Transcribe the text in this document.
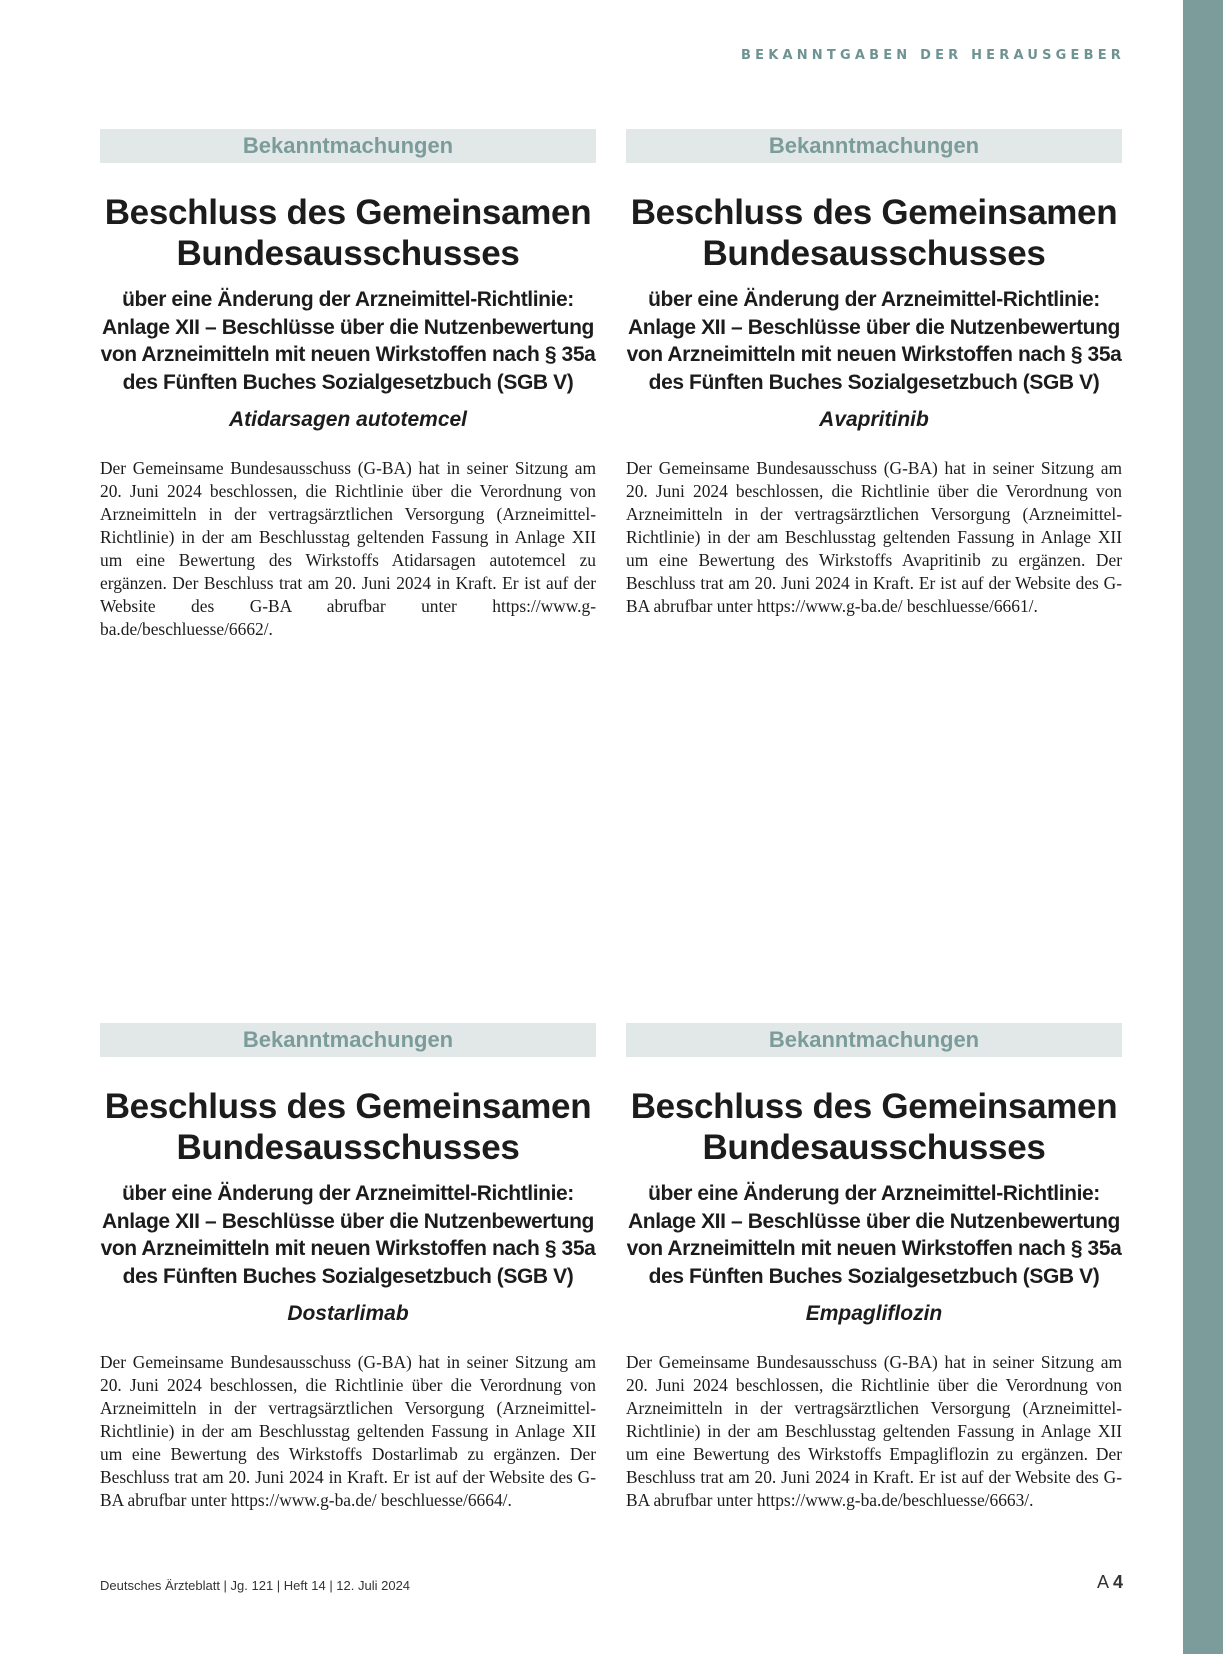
BEKANNTGABEN DER HERAUSGEBER
Bekanntmachungen
Beschluss des Gemeinsamen Bundesausschusses
über eine Änderung der Arzneimittel-Richtlinie: Anlage XII – Beschlüsse über die Nutzenbewertung von Arzneimitteln mit neuen Wirkstoffen nach § 35a des Fünften Buches Sozialgesetzbuch (SGB V)
Atidarsagen autotemcel

Der Gemeinsame Bundesausschuss (G-BA) hat in seiner Sitzung am 20. Juni 2024 beschlossen, die Richtlinie über die Verordnung von Arzneimitteln in der vertragsärztlichen Versorgung (Arzneimittel-Richtlinie) in der am Beschlusstag geltenden Fassung in Anlage XII um eine Bewertung des Wirkstoffs Atidarsagen autotemcel zu ergänzen. Der Beschluss trat am 20. Juni 2024 in Kraft. Er ist auf der Website des G-BA abrufbar unter https://www.g-ba.de/beschluesse/6662/.

Bekanntmachungen
Beschluss des Gemeinsamen Bundesausschusses
über eine Änderung der Arzneimittel-Richtlinie: Anlage XII – Beschlüsse über die Nutzenbewertung von Arzneimitteln mit neuen Wirkstoffen nach § 35a des Fünften Buches Sozialgesetzbuch (SGB V)
Avapritinib

Der Gemeinsame Bundesausschuss (G-BA) hat in seiner Sitzung am 20. Juni 2024 beschlossen, die Richtlinie über die Verordnung von Arzneimitteln in der vertragsärztlichen Versorgung (Arzneimittel-Richtlinie) in der am Beschlusstag geltenden Fassung in Anlage XII um eine Bewertung des Wirkstoffs Avapritinib zu ergänzen. Der Beschluss trat am 20. Juni 2024 in Kraft. Er ist auf der Website des G-BA abrufbar unter https://www.g-ba.de/ beschluesse/6661/.

Bekanntmachungen
Beschluss des Gemeinsamen Bundesausschusses
über eine Änderung der Arzneimittel-Richtlinie: Anlage XII – Beschlüsse über die Nutzenbewertung von Arzneimitteln mit neuen Wirkstoffen nach § 35a des Fünften Buches Sozialgesetzbuch (SGB V)
Dostarlimab

Der Gemeinsame Bundesausschuss (G-BA) hat in seiner Sitzung am 20. Juni 2024 beschlossen, die Richtlinie über die Verordnung von Arzneimitteln in der vertragsärztlichen Versorgung (Arzneimittel-Richtlinie) in der am Beschlusstag geltenden Fassung in Anlage XII um eine Bewertung des Wirkstoffs Dostarlimab zu ergänzen. Der Beschluss trat am 20. Juni 2024 in Kraft. Er ist auf der Website des G-BA abrufbar unter https://www.g-ba.de/ beschluesse/6664/.

Bekanntmachungen
Beschluss des Gemeinsamen Bundesausschusses
über eine Änderung der Arzneimittel-Richtlinie: Anlage XII – Beschlüsse über die Nutzenbewertung von Arzneimitteln mit neuen Wirkstoffen nach § 35a des Fünften Buches Sozialgesetzbuch (SGB V)
Empagliflozin

Der Gemeinsame Bundesausschuss (G-BA) hat in seiner Sitzung am 20. Juni 2024 beschlossen, die Richtlinie über die Verordnung von Arzneimitteln in der vertragsärztlichen Versorgung (Arzneimittel-Richtlinie) in der am Beschlusstag geltenden Fassung in Anlage XII um eine Bewertung des Wirkstoffs Empagliflozin zu ergänzen. Der Beschluss trat am 20. Juni 2024 in Kraft. Er ist auf der Website des G-BA abrufbar unter https://www.g-ba.de/beschluesse/6663/.

Deutsches Ärzteblatt | Jg. 121 | Heft 14 | 12. Juli 2024	A 4
